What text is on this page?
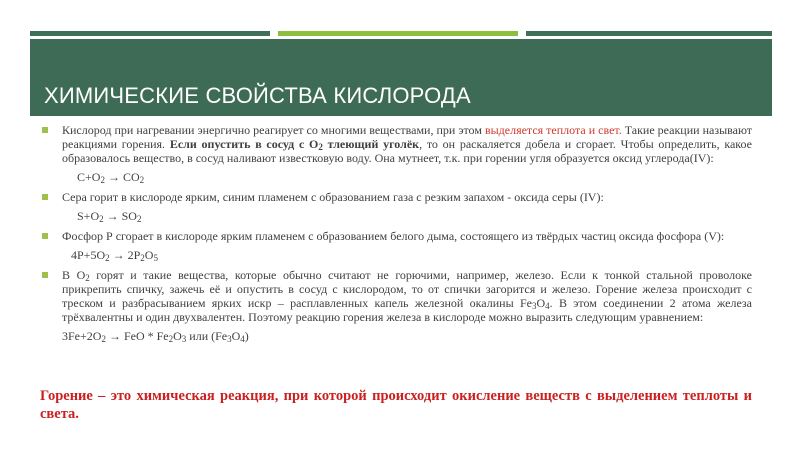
ХИМИЧЕСКИЕ СВОЙСТВА КИСЛОРОДА

Кислород при нагревании энергично реагирует со многими веществами, при этом выделяется теплота и свет. Такие реакции называют реакциями горения. Если опустить в сосуд с $О_2$ тлеющий уголёк, то он раскаляется добела и сгорает. Чтобы определить, какое образовалось вещество, в сосуд наливают известковую воду. Она мутнеет, т.к. при горении угля образуется оксид углерода(IV):

$C+O_2 \to CO_2$

Сера горит в кислороде ярким, синим пламенем с образованием газа с резким запахом - оксида серы (IV):

$S+O_2 \to SO_2$

Фосфор Р сгорает в кислороде ярким пламенем с образованием белого дыма, состоящего из твёрдых частиц оксида фосфора (V):

$4P+5O_2 \to 2P_2O_5$

В $О_2$ горят и такие вещества, которые обычно считают не горючими, например, железо. Если к тонкой стальной проволоке прикрепить спичку, зажечь её и опустить в сосуд с кислородом, то от спички загорится и железо. Горение железа происходит с треском и разбрасыванием ярких искр – расплавленных капель железной окалины $Fe_3O_4$. В этом соединении 2 атома железа трёхвалентны и один двухвалентен. Поэтому реакцию горения железа в кислороде можно выразить следующим уравнением:

$3Fe+2O_2$ → FeO * $Fe_2O_3$ или $(Fe_3O_4)$
Горение – это химическая реакция, при которой происходит окисление веществ с выделением теплоты и света.
